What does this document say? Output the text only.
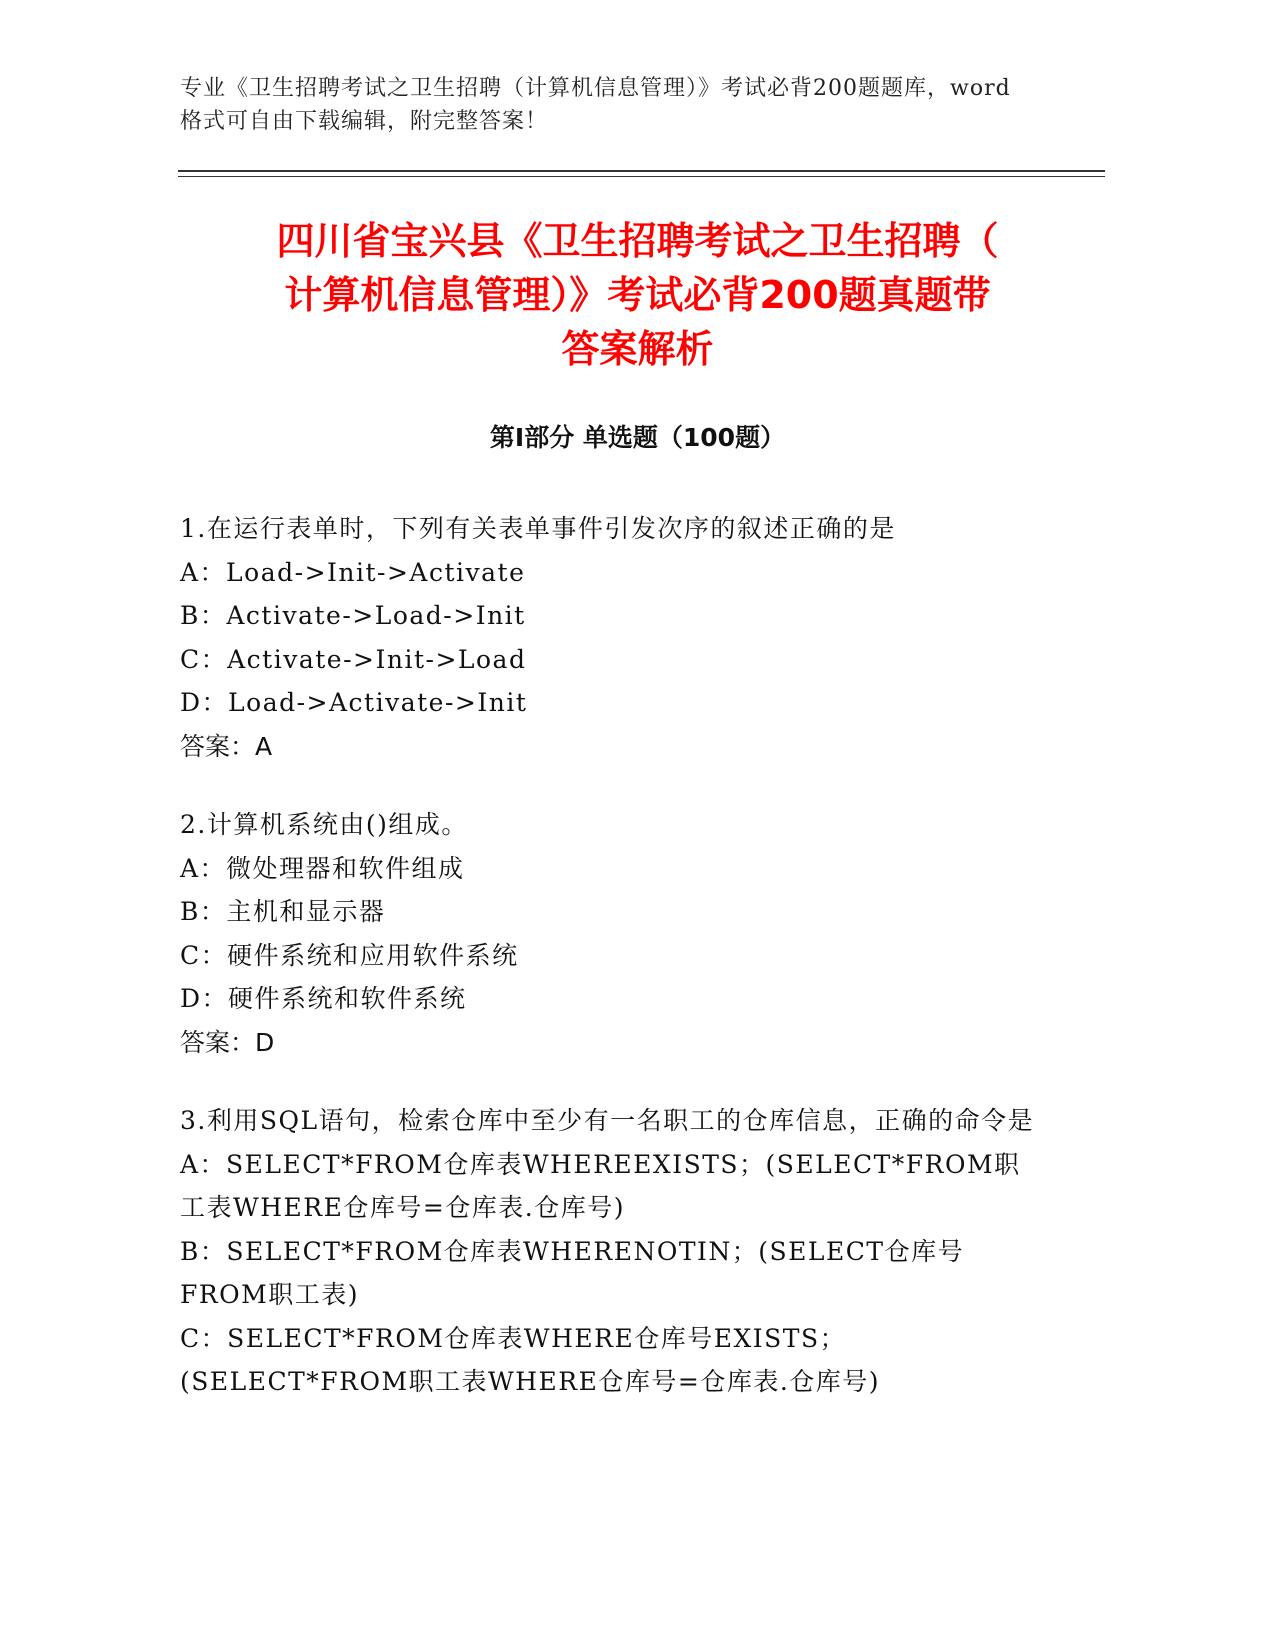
专业《卫生招聘考试之卫生招聘（计算机信息管理）》考试必背200题题库，word
格式可自由下载编辑，附完整答案！
四川省宝兴县《卫生招聘考试之卫生招聘（
计算机信息管理）》考试必背200题真题带
答案解析
第Ⅰ部分 单选题（100题）
1.在运行表单时，下列有关表单事件引发次序的叙述正确的是
A：Load->Init->Activate
B：Activate->Load->Init
C：Activate->Init->Load
D：Load->Activate->Init
答案：A
2.计算机系统由()组成。
A：微处理器和软件组成
B：主机和显示器
C：硬件系统和应用软件系统
D：硬件系统和软件系统
答案：D
3.利用SQL语句，检索仓库中至少有一名职工的仓库信息，正确的命令是
A：SELECT*FROM仓库表WHEREEXISTS；(SELECT*FROM职工表WHERE仓库号=仓库表.仓库号)
B：SELECT*FROM仓库表WHERENOTIN；(SELECT仓库号FROM职工表)
C：SELECT*FROM仓库表WHERE仓库号EXISTS；(SELECT*FROM职工表WHERE仓库号=仓库表.仓库号)
